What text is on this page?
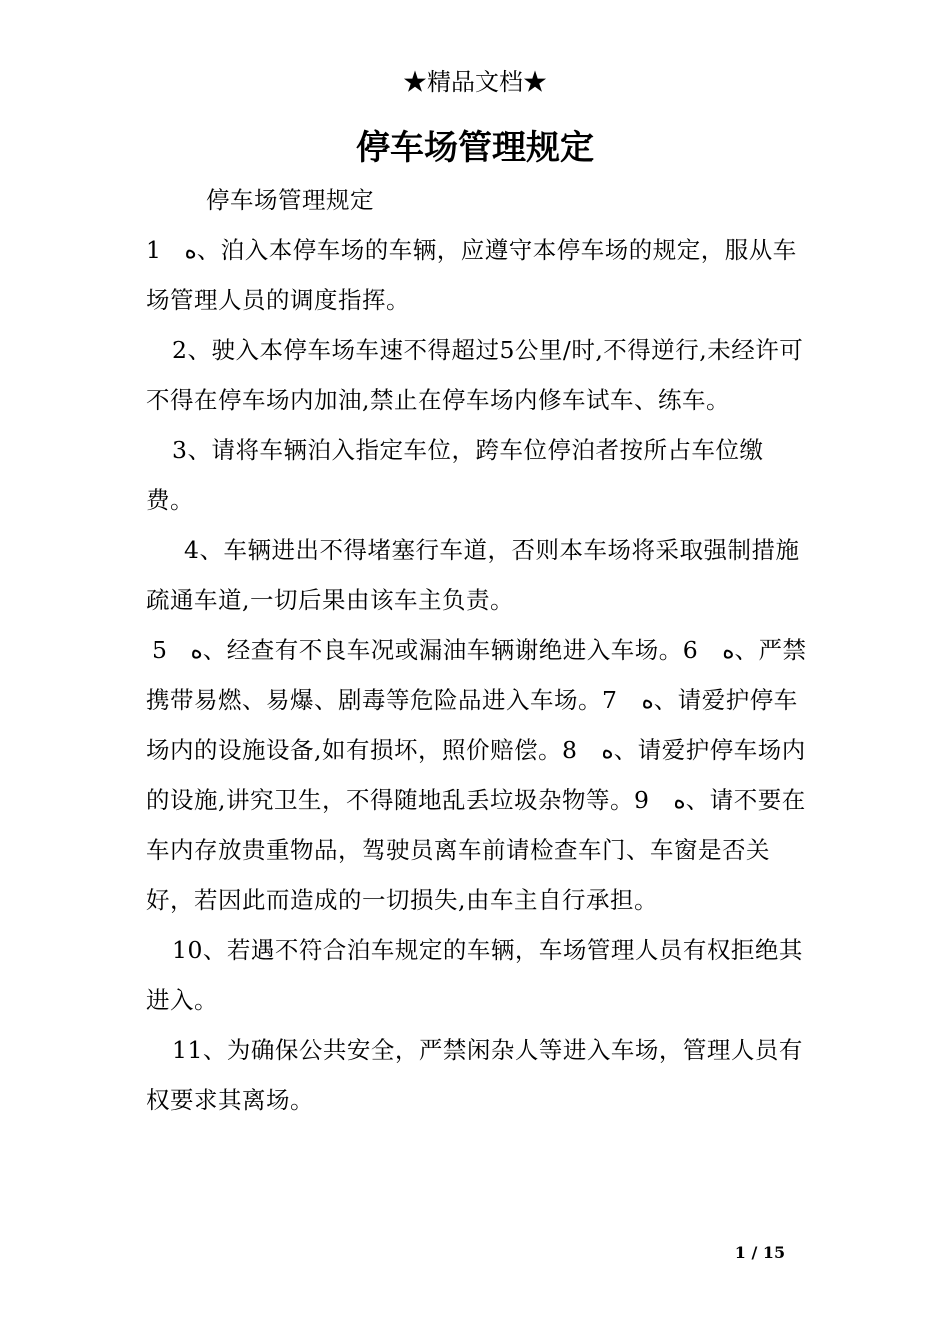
★精品文档★
停车场管理规定

停车场管理规定

1　ﻩ、泊入本停车场的车辆，应遵守本停车场的规定，服从车场管理人员的调度指挥。

2、驶入本停车场车速不得超过5公里/时,不得逆行,未经许可不得在停车场内加油,禁止在停车场内修车试车、练车。

3、请将车辆泊入指定车位，跨车位停泊者按所占车位缴费。

4、车辆进出不得堵塞行车道，否则本车场将采取强制措施疏通车道,一切后果由该车主负责。

5　ﻩ、经查有不良车况或漏油车辆谢绝进入车场。6　ﻩ、严禁携带易燃、易爆、剧毒等危险品进入车场。7　ﻩ、请爱护停车场内的设施设备,如有损坏，照价赔偿。8　ﻩ、请爱护停车场内的设施,讲究卫生，不得随地乱丢垃圾杂物等。9　ﻩ、请不要在车内存放贵重物品，驾驶员离车前请检查车门、车窗是否关好，若因此而造成的一切损失,由车主自行承担。

10、若遇不符合泊车规定的车辆，车场管理人员有权拒绝其进入。

11、为确保公共安全，严禁闲杂人等进入车场，管理人员有权要求其离场。

1 / 15
